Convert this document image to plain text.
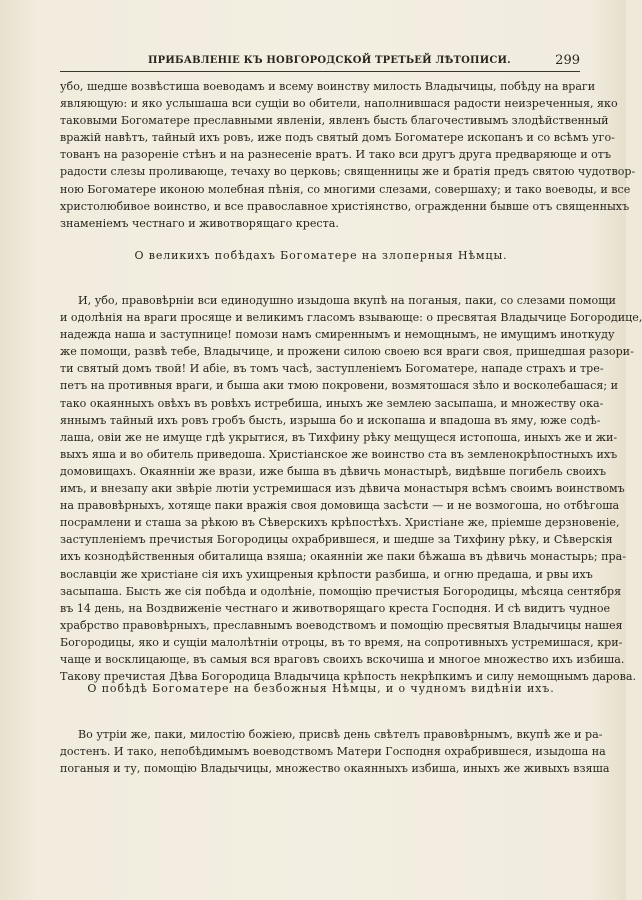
ПРИБАВЛЕНІЕ КЪ НОВГОРОДСКОЙ ТРЕТЬЕЙ ЛѢТОПИСИ.	299
убо, шедше возвѣстиша воеводамъ и всему воинству милость Владычицы, побѣду на враги
являющую: и яко услышаша вси сущіи во обители, наполнившася радости неизреченныя, яко
таковыми Богоматере преславными явленіи, явленъ бысть благочестивымъ злодѣйственный
вражій навѣтъ, тайный ихъ ровъ, иже подъ святый домъ Богоматере ископанъ и со всѣмъ уго-
тованъ на разореніе стѣнъ и на разнесеніе вратъ. И тако вси другъ друга предваряюще и отъ
радости слезы проливающе, течаху во церковь; священницы же и братія предъ святою чудотвор-
ною Богоматере иконою молебная пѣнія, со многими слезами, совершаху; и тако воеводы, и все
христолюбивое воинство, и все православное христіянство, огражденни бывше отъ священныхъ
знаменіемъ честнаго и животворящаго креста.
О великихъ побѣдахъ Богоматере на злоперныя Нѣмцы.
И, убо, правовѣрніи вси единодушно изыдоша вкупѣ на поганыя, паки, со слезами помощи
и одолѣнія на враги просяще и великимъ гласомъ взывающе: о пресвятая Владычице Богородице,
надежда наша и заступнице! помози намъ смиреннымъ и немощнымъ, не имущимъ иноткуду
же помощи, развѣ тебе, Владычице, и прожени силою своею вся враги своя, пришедшая разори-
ти святый домъ твой! И абіе, въ томъ часѣ, заступленіемъ Богоматере, нападе страхъ и тре-
петъ на противныя враги, и быша аки тмою покровени, возмятошася зѣло и восколебашася; и
тако окаянныхъ овѣхъ въ ровѣхъ истребиша, иныхъ же землею засыпаша, и множеству ока-
яннымъ тайный ихъ ровъ гробъ бысть, изрыша бо и ископаша и впадоша въ яму, юже содѣ-
лаша, овіи же не имуще гдѣ укрытися, въ Тихфину рѣку мещущеся истопоша, иныхъ же и жи-
выхъ яша и во обитель приведоша. Христіанское же воинство ста въ земленокрѣпостныхъ ихъ
домовищахъ. Окаяннiи же врази, иже быша въ дѣвичь монастырѣ, видѣвше погибель своихъ
имъ, и внезапу аки звѣріе лютіи устремишася изъ дѣвича монастыря всѣмъ своимъ воинствомъ
на правовѣрныхъ, хотяще паки вражія своя домовища засѣсти — и не возмогоша, но отбѣгоша
посрамлени и сташа за рѣкою въ Сѣверскихъ крѣпостѣхъ. Христіане же, пріемше дерзновеніе,
заступленіемъ пречистыя Богородицы охрабрившеся, и шедше за Тихфину рѣку, и Сѣверскія
ихъ кознодѣйственныя обиталища взяша; окаянніи же паки бѣжаша въ дѣвичь монастырь; пра-
вославціи же христіане сія ихъ ухищреныя крѣпости разбиша, и огню предаша, и рвы ихъ
засыпаша. Бысть же сія побѣда и одолѣніе, помощію пречистыя Богородицы, мѣсяца сентября
въ 14 день, на Воздвиженіе честнаго и животворящаго креста Господня. И сѣ видитъ чудное
храбрство правовѣрныхъ, преславнымъ воеводствомъ и помощію пресвятыя Владычицы нашея
Богородицы, яко и сущіи малолѣтніи отроцы, въ то время, на сопротивныхъ устремишася, кри-
чаще и восклицающе, въ самыя вся враговъ своихъ вскочиша и многое множество ихъ избиша.
Такову пречистая Дѣва Богородица Владычица крѣпость некрѣпкимъ и силу немощнымъ дарова.
О побѣдѣ Богоматере на безбожныя Нѣмцы, и о чудномъ видѣніи ихъ.
Во утріи же, паки, милостію божіею, присвѣ день свѣтелъ правовѣрнымъ, вкупѣ же и ра-
достенъ. И тако, непобѣдимымъ воеводствомъ Матери Господня охрабрившеся, изыдоша на
поганыя и ту, помощію Владычицы, множество окаянныхъ избиша, иныхъ же живыхъ взяша
